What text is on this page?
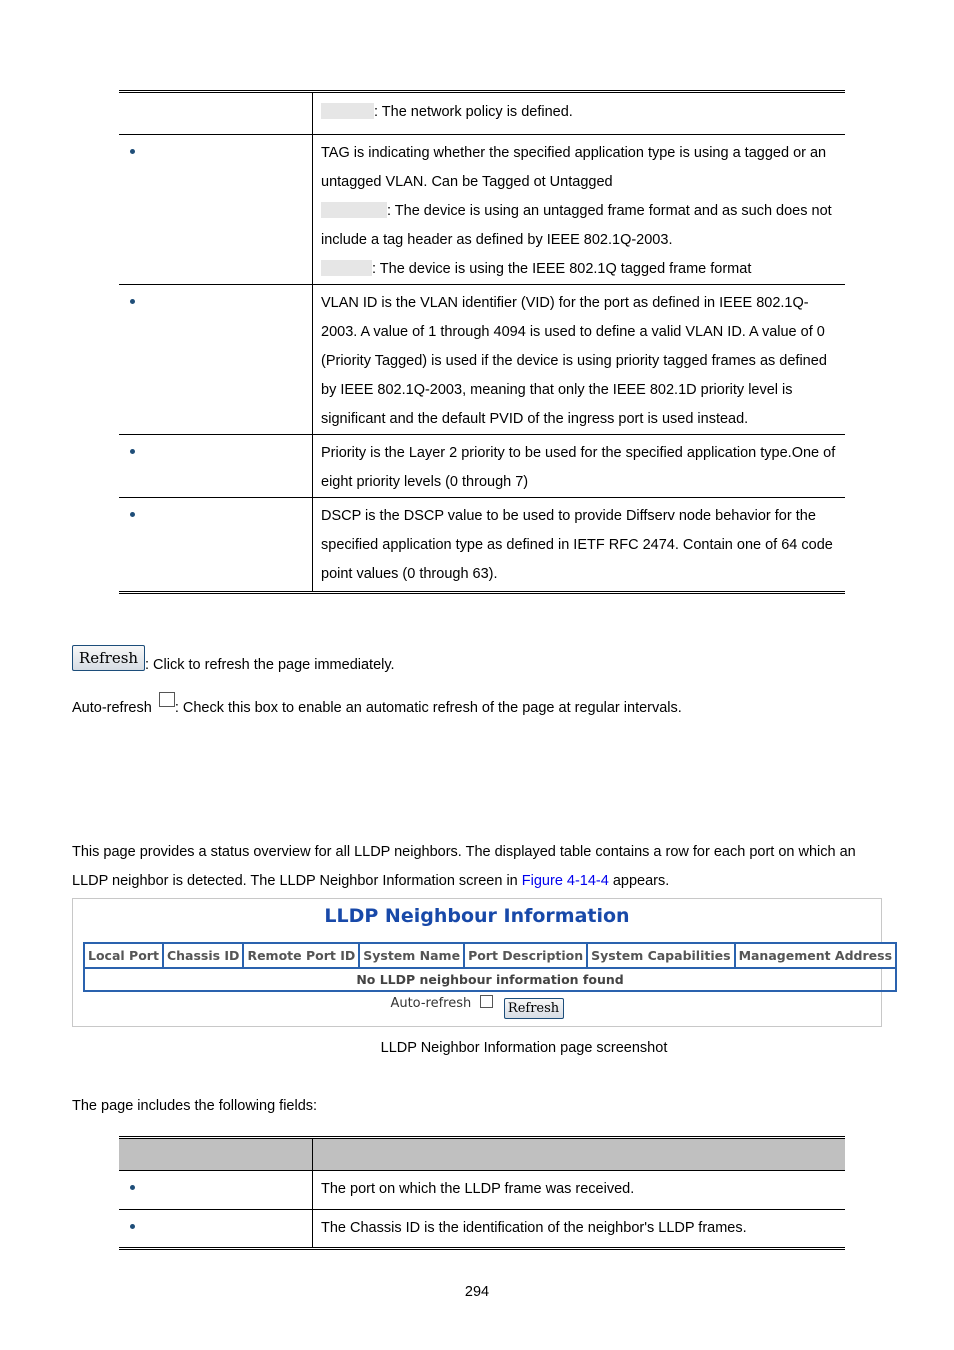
	: The network policy is defined.

	TAG is indicating whether the specified application type is using a tagged or an untagged VLAN. Can be Tagged ot Untagged
: The device is using an untagged frame format and as such does not include a tag header as defined by IEEE 802.1Q-2003.
: The device is using the IEEE 802.1Q tagged frame format

	VLAN ID is the VLAN identifier (VID) for the port as defined in IEEE 802.1Q-2003. A value of 1 through 4094 is used to define a valid VLAN ID. A value of 0 (Priority Tagged) is used if the device is using priority tagged frames as defined by IEEE 802.1Q-2003, meaning that only the IEEE 802.1D priority level is significant and the default PVID of the ingress port is used instead.
	Priority is the Layer 2 priority to be used for the specified application type.One of eight priority levels (0 through 7)
	DSCP is the DSCP value to be used to provide Diffserv node behavior for the specified application type as defined in IETF RFC 2474. Contain one of 64 code point values (0 through 63).
Refresh : Click to refresh the page immediately.
Auto-refresh : Check this box to enable an automatic refresh of the page at regular intervals.
This page provides a status overview for all LLDP neighbors. The displayed table contains a row for each port on which an
LLDP neighbor is detected. The LLDP Neighbor Information screen in Figure 4-14-4 appears.
LLDP Neighbour Information
Local Port	Chassis ID	Remote Port ID	System Name	Port Description	System Capabilities	Management Address
No LLDP neighbour information found
Auto-refresh	Refresh
LLDP Neighbor Information page screenshot
The page includes the following fields:

	The port on which the LLDP frame was received.
	The Chassis ID is the identification of the neighbor's LLDP frames.
294
